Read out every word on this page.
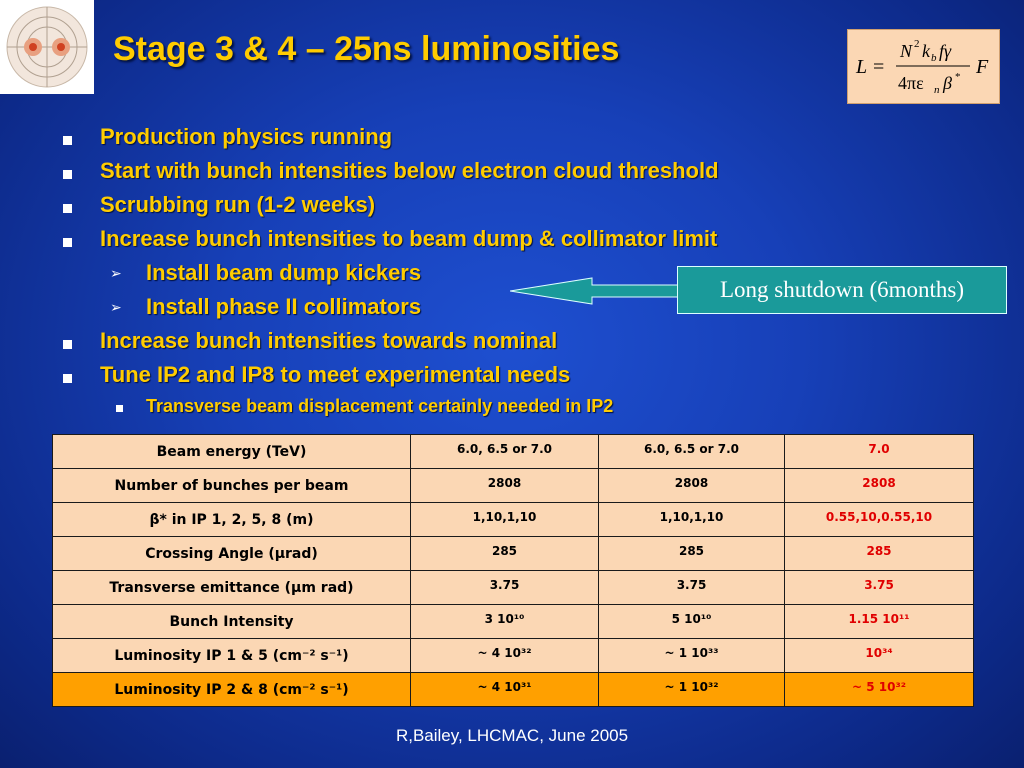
Stage 3 & 4 – 25ns luminosities	L =
N 2 k b fγ
4πε n β * F
Production physics running
Start with bunch intensities below electron cloud threshold
Scrubbing run (1-2 weeks)
Increase bunch intensities to beam dump & collimator limit
➢ Install beam dump kickers
➢ Install phase II collimators
Increase bunch intensities towards nominal
Tune IP2 and IP8 to meet experimental needs
Transverse beam displacement certainly needed in IP2
Long shutdown (6months)
Beam energy (TeV)	6.0, 6.5 or 7.0	6.0, 6.5 or 7.0	7.0
Number of bunches per beam	2808	2808	2808
β* in IP 1, 2, 5, 8 (m)	1,10,1,10	1,10,1,10	0.55,10,0.55,10
Crossing Angle (μrad)	285	285	285
Transverse emittance (μm rad)	3.75	3.75	3.75
Bunch Intensity	3 10¹⁰	5 10¹⁰	1.15 10¹¹
Luminosity IP 1 & 5 (cm⁻² s⁻¹)	~ 4 10³²	~ 1 10³³	10³⁴
Luminosity IP 2 & 8 (cm⁻² s⁻¹)	~ 4 10³¹	~ 1 10³²	~ 5 10³²
R,Bailey, LHCMAC, June 2005
